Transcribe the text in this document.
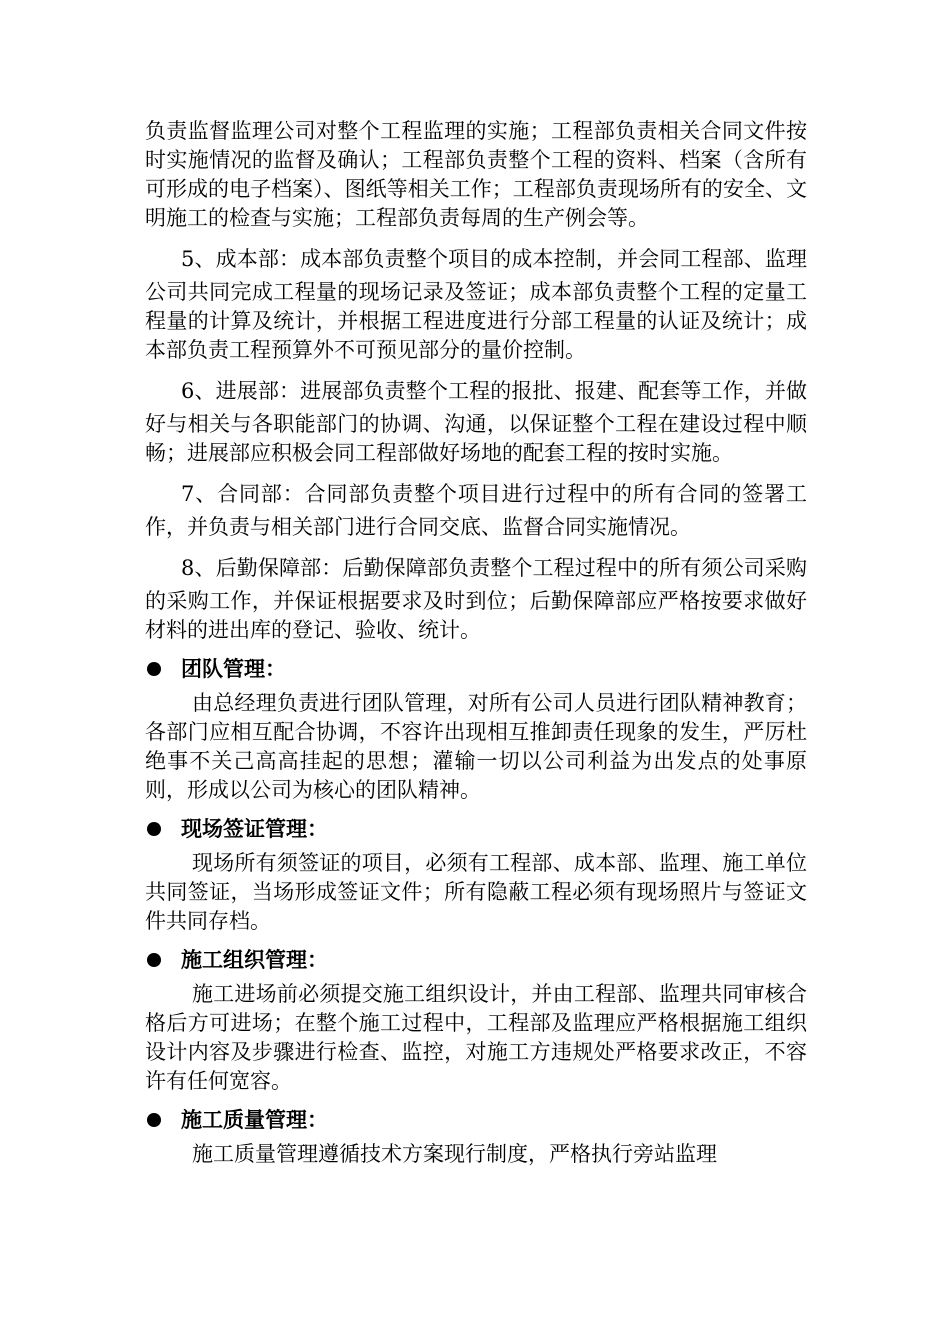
负责监督监理公司对整个工程监理的实施；工程部负责相关合同文件按时实施情况的监督及确认；工程部负责整个工程的资料、档案（含所有可形成的电子档案）、图纸等相关工作；工程部负责现场所有的安全、文明施工的检查与实施；工程部负责每周的生产例会等。

5、成本部：成本部负责整个项目的成本控制，并会同工程部、监理公司共同完成工程量的现场记录及签证；成本部负责整个工程的定量工程量的计算及统计，并根据工程进度进行分部工程量的认证及统计；成本部负责工程预算外不可预见部分的量价控制。

6、进展部：进展部负责整个工程的报批、报建、配套等工作，并做好与相关与各职能部门的协调、沟通，以保证整个工程在建设过程中顺畅；进展部应积极会同工程部做好场地的配套工程的按时实施。

7、合同部：合同部负责整个项目进行过程中的所有合同的签署工作，并负责与相关部门进行合同交底、监督合同实施情况。

8、后勤保障部：后勤保障部负责整个工程过程中的所有须公司采购的采购工作，并保证根据要求及时到位；后勤保障部应严格按要求做好材料的进出库的登记、验收、统计。

团队管理：

由总经理负责进行团队管理，对所有公司人员进行团队精神教育；各部门应相互配合协调，不容许出现相互推卸责任现象的发生，严厉杜绝事不关己高高挂起的思想；灌输一切以公司利益为出发点的处事原则，形成以公司为核心的团队精神。

现场签证管理：

现场所有须签证的项目，必须有工程部、成本部、监理、施工单位共同签证，当场形成签证文件；所有隐蔽工程必须有现场照片与签证文件共同存档。

施工组织管理：

施工进场前必须提交施工组织设计，并由工程部、监理共同审核合格后方可进场；在整个施工过程中，工程部及监理应严格根据施工组织设计内容及步骤进行检查、监控，对施工方违规处严格要求改正，不容许有任何宽容。

施工质量管理：

施工质量管理遵循技术方案现行制度，严格执行旁站监理
